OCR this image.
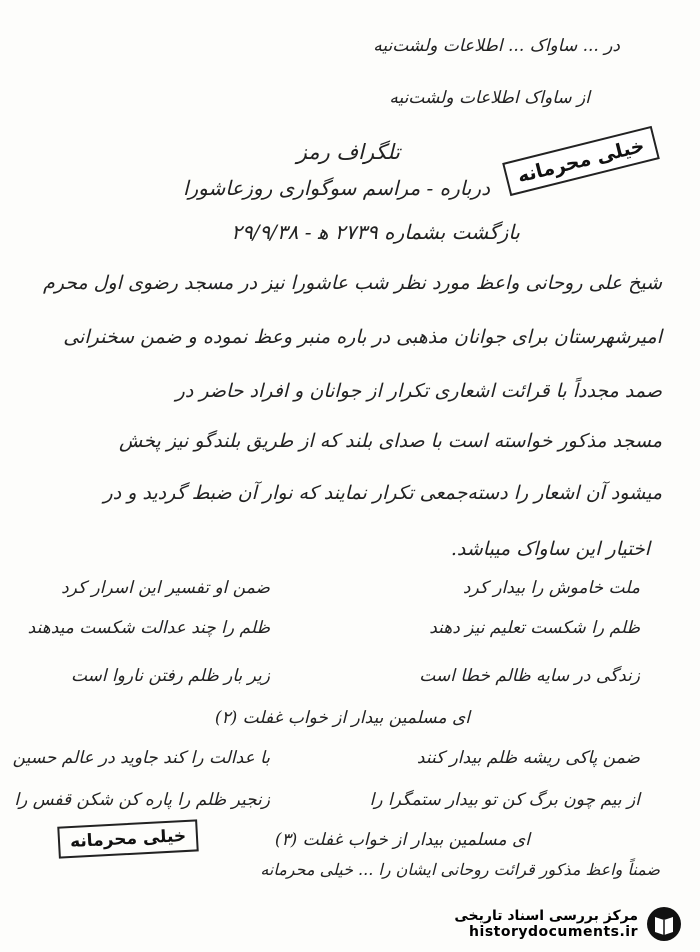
در ... ساواک ... اطلاعات ولشت‌نیه
از ساواک اطلاعات ولشت‌نیه
تلگراف رمز	خیلی محرمانه
درباره - مراسم سوگواری روزعاشورا
بازگشت بشماره ۲۷۳۹ ه‍ - ۲۹/۹/۳۸
شیخ علی روحانی واعظ مورد نظر شب عاشورا نیز در مسجد رضوی اول محرم
امیرشهرستان برای جوانان مذهبی در باره منبر وعظ نموده و ضمن سخنرانی
صمد مجدداً با قرائت اشعاری تکرار از جوانان و افراد حاضر در
مسجد مذکور خواسته است با صدای بلند که از طریق بلندگو نیز پخش
میشود آن اشعار را دسته‌جمعی تکرار نمایند که نوار آن ضبط گردید و در
اختیار این ساواک میباشد.
ضمن او تفسیر این اسرار کرد	ملت خاموش را بیدار کرد
ظلم را چند عدالت شکست میدهند	ظلم را شکست تعلیم نیز دهند
زیر بار ظلم رفتن ناروا است	زندگی در سایه ظالم خطا است
ای مسلمین بیدار از خواب غفلت (۲)
با عدالت را کند جاوید در عالم حسین	ضمن پاکی ریشه ظلم بیدار کنند
زنجیر ظلم را پاره کن شکن قفس را	از بیم چون برگ کن تو بیدار ستمگرا را
ای مسلمین بیدار از خواب غفلت (۳)
ضمناً واعظ مذکور قرائت روحانی ایشان را ... خیلی محرمانه
خیلی محرمانه
مرکز بررسی اسناد تاریخی
historydocuments.ir
